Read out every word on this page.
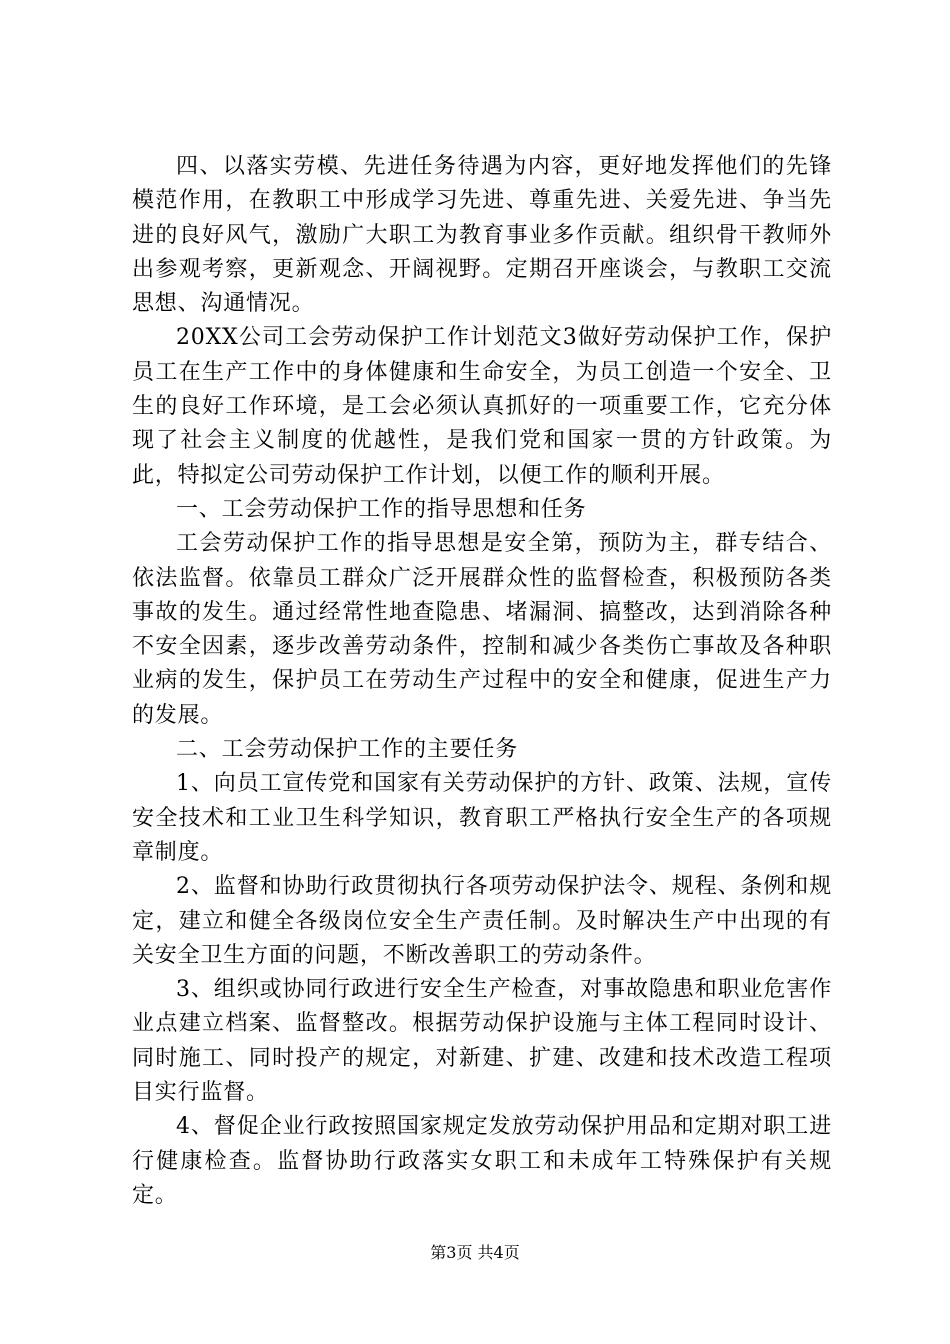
四、以落实劳模、先进任务待遇为内容，更好地发挥他们的先锋模范作用，在教职工中形成学习先进、尊重先进、关爱先进、争当先进的良好风气，激励广大职工为教育事业多作贡献。组织骨干教师外出参观考察，更新观念、开阔视野。定期召开座谈会，与教职工交流思想、沟通情况。

20XX公司工会劳动保护工作计划范文3做好劳动保护工作，保护员工在生产工作中的身体健康和生命安全，为员工创造一个安全、卫生的良好工作环境，是工会必须认真抓好的一项重要工作，它充分体现了社会主义制度的优越性，是我们党和国家一贯的方针政策。为此，特拟定公司劳动保护工作计划，以便工作的顺利开展。

一、工会劳动保护工作的指导思想和任务

工会劳动保护工作的指导思想是安全第，预防为主，群专结合、依法监督。依靠员工群众广泛开展群众性的监督检查，积极预防各类事故的发生。通过经常性地查隐患、堵漏洞、搞整改，达到消除各种不安全因素，逐步改善劳动条件，控制和减少各类伤亡事故及各种职业病的发生，保护员工在劳动生产过程中的安全和健康，促进生产力的发展。

二、工会劳动保护工作的主要任务

1、向员工宣传党和国家有关劳动保护的方针、政策、法规，宣传安全技术和工业卫生科学知识，教育职工严格执行安全生产的各项规章制度。

2、监督和协助行政贯彻执行各项劳动保护法令、规程、条例和规定，建立和健全各级岗位安全生产责任制。及时解决生产中出现的有关安全卫生方面的问题，不断改善职工的劳动条件。

3、组织或协同行政进行安全生产检查，对事故隐患和职业危害作业点建立档案、监督整改。根据劳动保护设施与主体工程同时设计、同时施工、同时投产的规定，对新建、扩建、改建和技术改造工程项目实行监督。

4、督促企业行政按照国家规定发放劳动保护用品和定期对职工进行健康检查。监督协助行政落实女职工和未成年工特殊保护有关规定。

第3页 共4页
